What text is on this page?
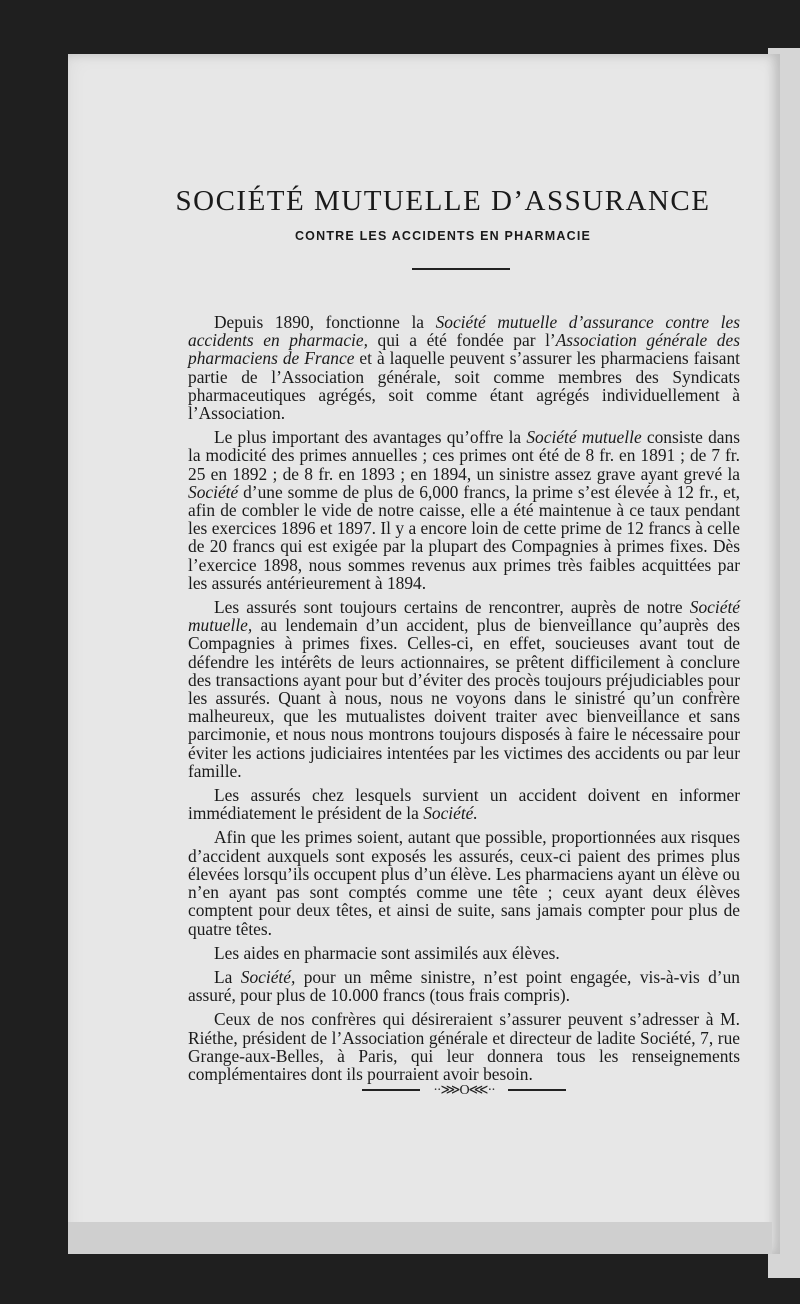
SOCIÉTÉ MUTUELLE D’ASSURANCE
CONTRE LES ACCIDENTS EN PHARMACIE

Depuis 1890, fonctionne la Société mutuelle d’assurance contre les accidents en pharmacie, qui a été fondée par l’Association générale des pharmaciens de France et à laquelle peuvent s’assurer les pharmaciens faisant partie de l’Association générale, soit comme membres des Syndicats pharmaceutiques agrégés, soit comme étant agrégés individuellement à l’Association.

Le plus important des avantages qu’offre la Société mutuelle consiste dans la modicité des primes annuelles ; ces primes ont été de 8 fr. en 1891 ; de 7 fr. 25 en 1892 ; de 8 fr. en 1893 ; en 1894, un sinistre assez grave ayant grevé la Société d’une somme de plus de 6,000 francs, la prime s’est élevée à 12 fr., et, afin de combler le vide de notre caisse, elle a été maintenue à ce taux pendant les exercices 1896 et 1897. Il y a encore loin de cette prime de 12 francs à celle de 20 francs qui est exigée par la plupart des Compagnies à primes fixes. Dès l’exercice 1898, nous sommes revenus aux primes très faibles acquittées par les assurés antérieurement à 1894.

Les assurés sont toujours certains de rencontrer, auprès de notre Société mutuelle, au lendemain d’un accident, plus de bienveillance qu’auprès des Compagnies à primes fixes. Celles-ci, en effet, soucieuses avant tout de défendre les intérêts de leurs actionnaires, se prêtent difficilement à conclure des transactions ayant pour but d’éviter des procès toujours préjudiciables pour les assurés. Quant à nous, nous ne voyons dans le sinistré qu’un confrère malheureux, que les mutualistes doivent traiter avec bienveillance et sans parcimonie, et nous nous montrons toujours disposés à faire le nécessaire pour éviter les actions judiciaires intentées par les victimes des accidents ou par leur famille.

Les assurés chez lesquels survient un accident doivent en informer immédiatement le président de la Société.

Afin que les primes soient, autant que possible, proportionnées aux risques d’accident auxquels sont exposés les assurés, ceux-ci paient des primes plus élevées lorsqu’ils occupent plus d’un élève. Les pharmaciens ayant un élève ou n’en ayant pas sont comptés comme une tête ; ceux ayant deux élèves comptent pour deux têtes, et ainsi de suite, sans jamais compter pour plus de quatre têtes.

Les aides en pharmacie sont assimilés aux élèves.

La Société, pour un même sinistre, n’est point engagée, vis-à-vis d’un assuré, pour plus de 10.000 francs (tous frais compris).

Ceux de nos confrères qui désireraient s’assurer peuvent s’adresser à M. Riéthe, président de l’Association générale et directeur de ladite Société, 7, rue Grange-aux-Belles, à Paris, qui leur donnera tous les renseignements complémentaires dont ils pourraient avoir besoin.

··⋙O⋘··
